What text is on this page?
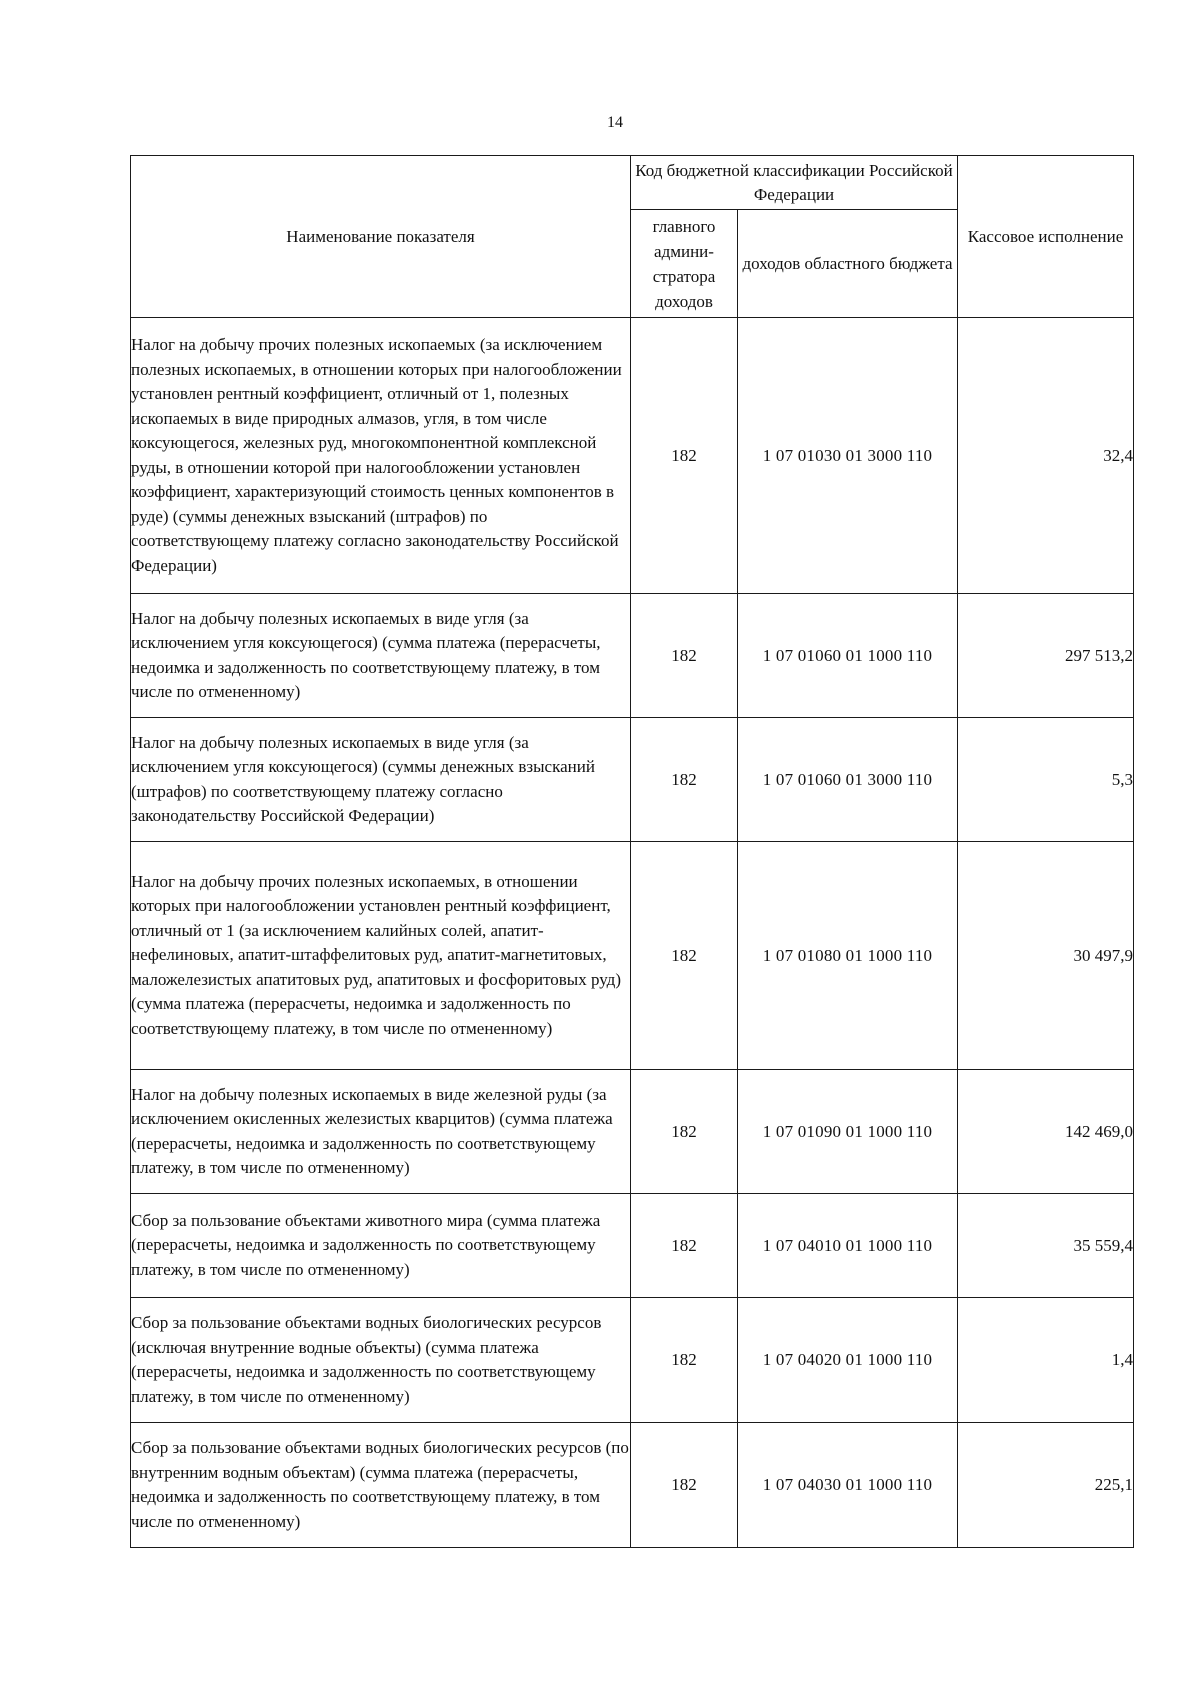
14
Наименование показателя	Код бюджетной классификации Российской Федерации		Кассовое исполнение
	главного админи- стратора доходов	доходов областного бюджета	
Налог на добычу прочих полезных ископаемых (за исключением полезных ископаемых, в отношении которых при налогообложении установлен рентный коэффициент, отличный от 1, полезных ископаемых в виде природных алмазов, угля, в том числе коксующегося, железных руд, многокомпонентной комплексной руды, в отношении которой при налогообложении установлен коэффициент, характеризующий стоимость ценных компонентов в руде) (суммы денежных взысканий (штрафов) по соответствующему платежу согласно законодательству Российской Федерации)	182	1 07 01030 01 3000 110	32,4
Налог на добычу полезных ископаемых в виде угля (за исключением угля коксующегося) (сумма платежа (перерасчеты, недоимка и задолженность по соответствующему платежу, в том числе по отмененному)	182	1 07 01060 01 1000 110	297 513,2
Налог на добычу полезных ископаемых в виде угля (за исключением угля коксующегося) (суммы денежных взысканий (штрафов) по соответствующему платежу согласно законодательству Российской Федерации)	182	1 07 01060 01 3000 110	5,3
Налог на добычу прочих полезных ископаемых, в отношении которых при налогообложении установлен рентный коэффициент, отличный от 1 (за исключением калийных солей, апатит-нефелиновых, апатит-штаффелитовых руд, апатит-магнетитовых, маложелезистых апатитовых руд, апатитовых и фосфоритовых руд) (сумма платежа (перерасчеты, недоимка и задолженность по соответствующему платежу, в том числе по отмененному)	182	1 07 01080 01 1000 110	30 497,9
Налог на добычу полезных ископаемых в виде железной руды (за исключением окисленных железистых кварцитов) (сумма платежа (перерасчеты, недоимка и задолженность по соответствующему платежу, в том числе по отмененному)	182	1 07 01090 01 1000 110	142 469,0
Сбор за пользование объектами животного мира (сумма платежа (перерасчеты, недоимка и задолженность по соответствующему платежу, в том числе по отмененному)	182	1 07 04010 01 1000 110	35 559,4
Сбор за пользование объектами водных биологических ресурсов (исключая внутренние водные объекты) (сумма платежа (перерасчеты, недоимка и задолженность по соответствующему платежу, в том числе по отмененному)	182	1 07 04020 01 1000 110	1,4
Сбор за пользование объектами водных биологических ресурсов (по внутренним водным объектам) (сумма платежа (перерасчеты, недоимка и задолженность по соответствующему платежу, в том числе по отмененному)	182	1 07 04030 01 1000 110	225,1
